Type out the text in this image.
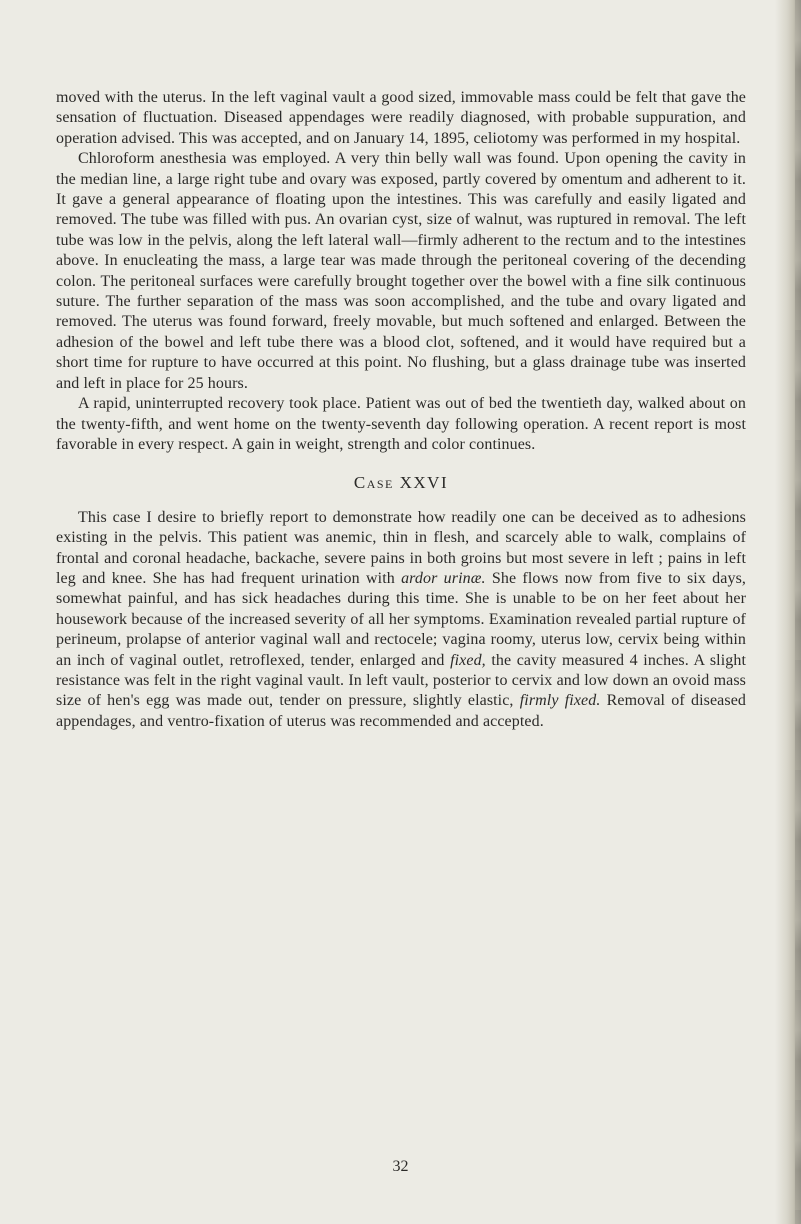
moved with the uterus. In the left vaginal vault a good sized, immovable mass could be felt that gave the sensation of fluctuation. Diseased appendages were readily diagnosed, with probable suppuration, and operation advised. This was accepted, and on January 14, 1895, celiotomy was performed in my hospital.

Chloroform anesthesia was employed. A very thin belly wall was found. Upon opening the cavity in the median line, a large right tube and ovary was exposed, partly covered by omentum and adherent to it. It gave a general appearance of floating upon the intestines. This was carefully and easily ligated and removed. The tube was filled with pus. An ovarian cyst, size of walnut, was ruptured in removal. The left tube was low in the pelvis, along the left lateral wall—firmly adherent to the rectum and to the intestines above. In enucleating the mass, a large tear was made through the peritoneal covering of the decending colon. The peritoneal surfaces were carefully brought together over the bowel with a fine silk continuous suture. The further separation of the mass was soon accomplished, and the tube and ovary ligated and removed. The uterus was found forward, freely movable, but much softened and enlarged. Between the adhesion of the bowel and left tube there was a blood clot, softened, and it would have required but a short time for rupture to have occurred at this point. No flushing, but a glass drainage tube was inserted and left in place for 25 hours.

A rapid, uninterrupted recovery took place. Patient was out of bed the twentieth day, walked about on the twenty-fifth, and went home on the twenty-seventh day following operation. A recent report is most favorable in every respect. A gain in weight, strength and color continues.

Case XXVI

This case I desire to briefly report to demonstrate how readily one can be deceived as to adhesions existing in the pelvis. This patient was anemic, thin in flesh, and scarcely able to walk, complains of frontal and coronal headache, backache, severe pains in both groins but most severe in left ; pains in left leg and knee. She has had frequent urination with ardor urinæ. She flows now from five to six days, somewhat painful, and has sick headaches during this time. She is unable to be on her feet about her housework because of the increased severity of all her symptoms. Examination revealed partial rupture of perineum, prolapse of anterior vaginal wall and rectocele; vagina roomy, uterus low, cervix being within an inch of vaginal outlet, retroflexed, tender, enlarged and fixed, the cavity measured 4 inches. A slight resistance was felt in the right vaginal vault. In left vault, posterior to cervix and low down an ovoid mass size of hen's egg was made out, tender on pressure, slightly elastic, firmly fixed. Removal of diseased appendages, and ventro-fixation of uterus was recommended and accepted.

32
